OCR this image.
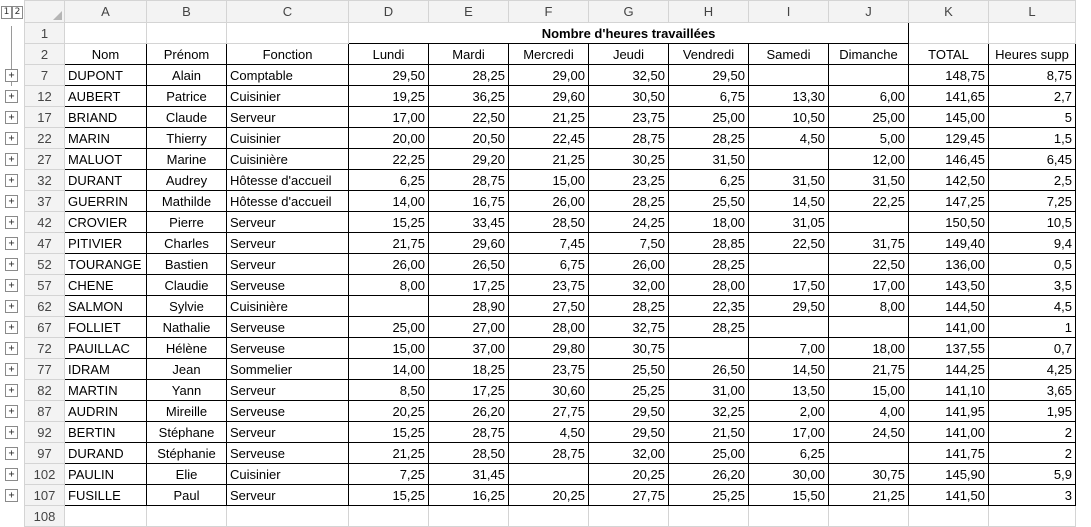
1 2
+
+
+
+
+
+
+
+
+
+
+
+
+
+
+
+
+
+
+
+
+
	A	B	C	D	E	F	G	H	I	J	K	L
1				Nombre d'heures travaillées								
2	Nom	Prénom	Fonction	Lundi	Mardi	Mercredi	Jeudi	Vendredi	Samedi	Dimanche	TOTAL	Heures supp
7	DUPONT	Alain	Comptable	29,50	28,25	29,00	32,50	29,50			148,75	8,75
12	AUBERT	Patrice	Cuisinier	19,25	36,25	29,60	30,50	6,75	13,30	6,00	141,65	2,7
17	BRIAND	Claude	Serveur	17,00	22,50	21,25	23,75	25,00	10,50	25,00	145,00	5
22	MARIN	Thierry	Cuisinier	20,00	20,50	22,45	28,75	28,25	4,50	5,00	129,45	1,5
27	MALUOT	Marine	Cuisinière	22,25	29,20	21,25	30,25	31,50		12,00	146,45	6,45
32	DURANT	Audrey	Hôtesse d'accueil	6,25	28,75	15,00	23,25	6,25	31,50	31,50	142,50	2,5
37	GUERRIN	Mathilde	Hôtesse d'accueil	14,00	16,75	26,00	28,25	25,50	14,50	22,25	147,25	7,25
42	CROVIER	Pierre	Serveur	15,25	33,45	28,50	24,25	18,00	31,05		150,50	10,5
47	PITIVIER	Charles	Serveur	21,75	29,60	7,45	7,50	28,85	22,50	31,75	149,40	9,4
52	TOURANGE	Bastien	Serveur	26,00	26,50	6,75	26,00	28,25		22,50	136,00	0,5
57	CHENE	Claudie	Serveuse	8,00	17,25	23,75	32,00	28,00	17,50	17,00	143,50	3,5
62	SALMON	Sylvie	Cuisinière		28,90	27,50	28,25	22,35	29,50	8,00	144,50	4,5
67	FOLLIET	Nathalie	Serveuse	25,00	27,00	28,00	32,75	28,25			141,00	1
72	PAUILLAC	Hélène	Serveuse	15,00	37,00	29,80	30,75		7,00	18,00	137,55	0,7
77	IDRAM	Jean	Sommelier	14,00	18,25	23,75	25,50	26,50	14,50	21,75	144,25	4,25
82	MARTIN	Yann	Serveur	8,50	17,25	30,60	25,25	31,00	13,50	15,00	141,10	3,65
87	AUDRIN	Mireille	Serveuse	20,25	26,20	27,75	29,50	32,25	2,00	4,00	141,95	1,95
92	BERTIN	Stéphane	Serveur	15,25	28,75	4,50	29,50	21,50	17,00	24,50	141,00	2
97	DURAND	Stéphanie	Serveuse	21,25	28,50	28,75	32,00	25,00	6,25		141,75	2
102	PAULIN	Elie	Cuisinier	7,25	31,45		20,25	26,20	30,00	30,75	145,90	5,9
107	FUSILLE	Paul	Serveur	15,25	16,25	20,25	27,75	25,25	15,50	21,25	141,50	3
108												
